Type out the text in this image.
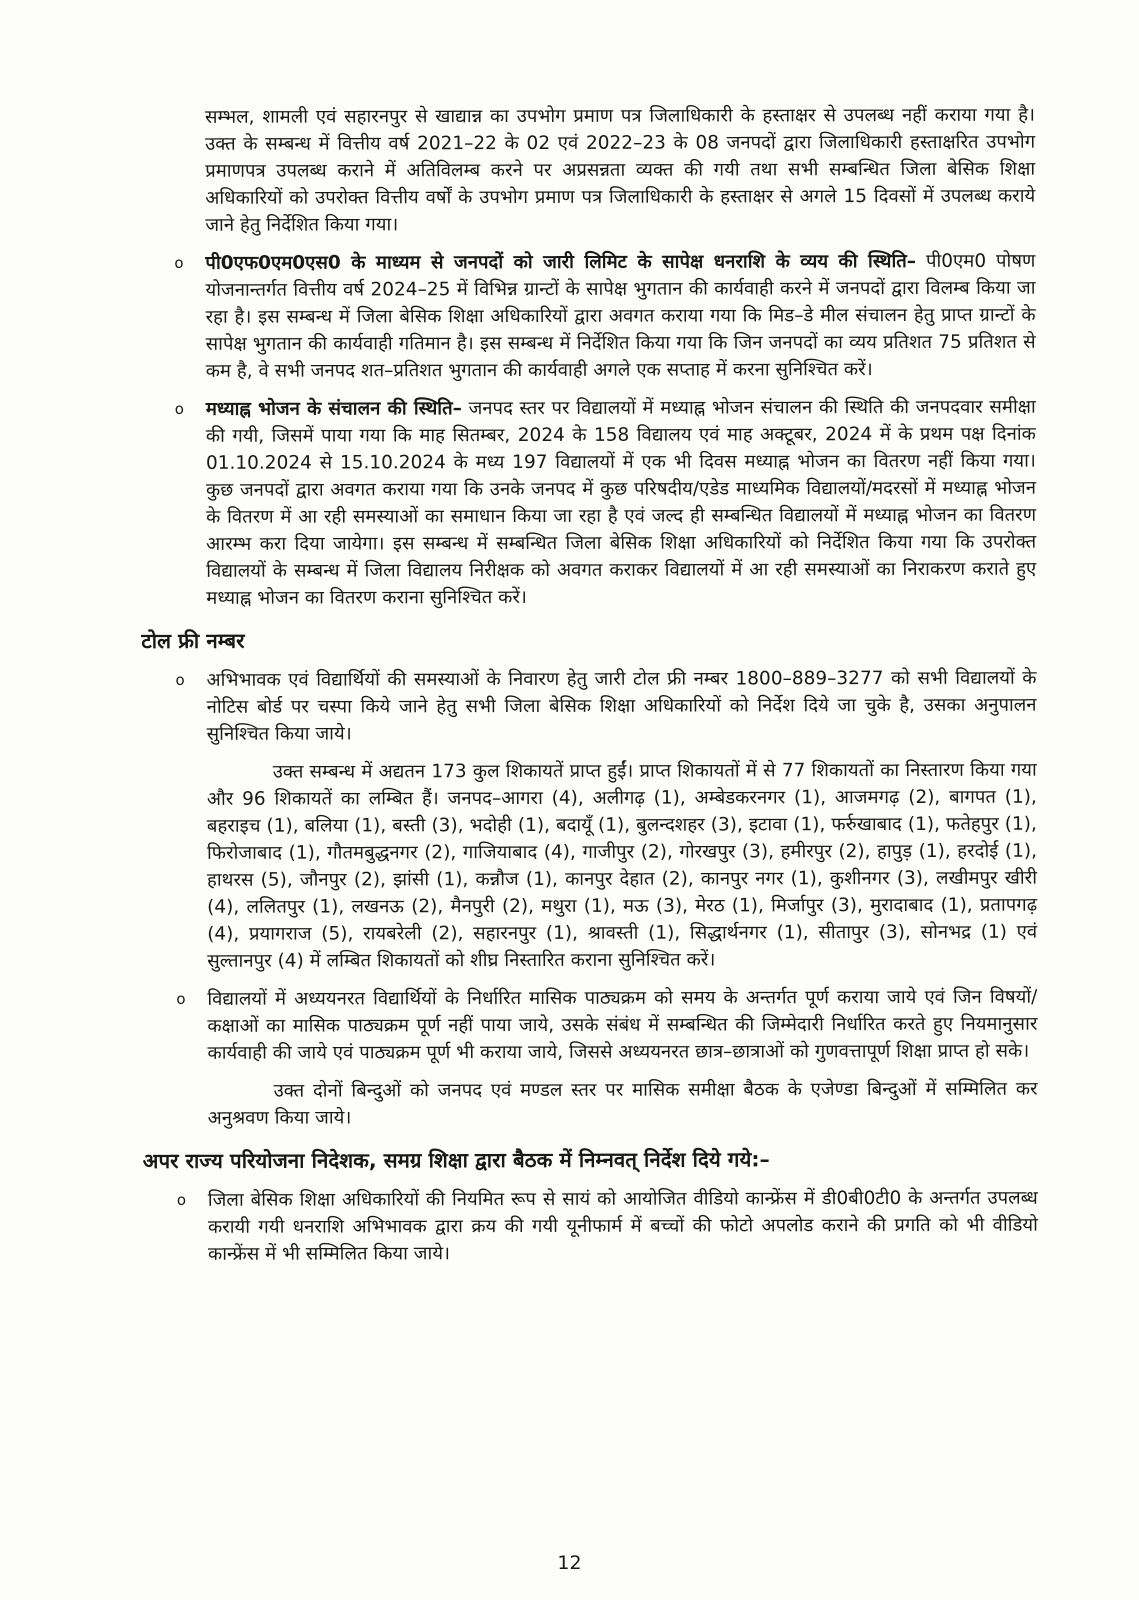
सम्भल, शामली एवं सहारनपुर से खाद्यान्न का उपभोग प्रमाण पत्र जिलाधिकारी के हस्ताक्षर से उपलब्ध नहीं कराया गया है। उक्त के सम्बन्ध में वित्तीय वर्ष 2021–22 के 02 एवं 2022–23 के 08 जनपदों द्वारा जिलाधिकारी हस्ताक्षरित उपभोग प्रमाणपत्र उपलब्ध कराने में अतिविलम्ब करने पर अप्रसन्नता व्यक्त की गयी तथा सभी सम्बन्धित जिला बेसिक शिक्षा अधिकारियों को उपरोक्त वित्तीय वर्षों के उपभोग प्रमाण पत्र जिलाधिकारी के हस्ताक्षर से अगले 15 दिवसों में उपलब्ध कराये जाने हेतु निर्देशित किया गया।

o पी0एफ0एम0एस0 के माध्यम से जनपदों को जारी लिमिट के सापेक्ष धनराशि के व्यय की स्थिति– पी0एम0 पोषण योजनान्तर्गत वित्तीय वर्ष 2024–25 में विभिन्न ग्रान्टों के सापेक्ष भुगतान की कार्यवाही करने में जनपदों द्वारा विलम्ब किया जा रहा है। इस सम्बन्ध में जिला बेसिक शिक्षा अधिकारियों द्वारा अवगत कराया गया कि मिड–डे मील संचालन हेतु प्राप्त ग्रान्टों के सापेक्ष भुगतान की कार्यवाही गतिमान है। इस सम्बन्ध में निर्देशित किया गया कि जिन जनपदों का व्यय प्रतिशत 75 प्रतिशत से कम है, वे सभी जनपद शत–प्रतिशत भुगतान की कार्यवाही अगले एक सप्ताह में करना सुनिश्चित करें।
o मध्याह्न भोजन के संचालन की स्थिति– जनपद स्तर पर विद्यालयों में मध्याह्न भोजन संचालन की स्थिति की जनपदवार समीक्षा की गयी, जिसमें पाया गया कि माह सितम्बर, 2024 के 158 विद्यालय एवं माह अक्टूबर, 2024 में के प्रथम पक्ष दिनांक 01.10.2024 से 15.10.2024 के मध्य 197 विद्यालयों में एक भी दिवस मध्याह्न भोजन का वितरण नहीं किया गया। कुछ जनपदों द्वारा अवगत कराया गया कि उनके जनपद में कुछ परिषदीय/एडेड माध्यमिक विद्यालयों/मदरसों में मध्याह्न भोजन के वितरण में आ रही समस्याओं का समाधान किया जा रहा है एवं जल्द ही सम्बन्धित विद्यालयों में मध्याह्न भोजन का वितरण आरम्भ करा दिया जायेगा। इस सम्बन्ध में सम्बन्धित जिला बेसिक शिक्षा अधिकारियों को निर्देशित किया गया कि उपरोक्त विद्यालयों के सम्बन्ध में जिला विद्यालय निरीक्षक को अवगत कराकर विद्यालयों में आ रही समस्याओं का निराकरण कराते हुए मध्याह्न भोजन का वितरण कराना सुनिश्चित करें।
टोल फ्री नम्बर
o अभिभावक एवं विद्यार्थियों की समस्याओं के निवारण हेतु जारी टोल फ्री नम्बर 1800–889–3277 को सभी विद्यालयों के नोटिस बोर्ड पर चस्पा किये जाने हेतु सभी जिला बेसिक शिक्षा अधिकारियों को निर्देश दिये जा चुके है, उसका अनुपालन सुनिश्चित किया जाये।

उक्त सम्बन्ध में अद्यतन 173 कुल शिकायतें प्राप्त हुईं। प्राप्त शिकायतों में से 77 शिकायतों का निस्तारण किया गया और 96 शिकायतें का लम्बित हैं। जनपद–आगरा (4), अलीगढ़ (1), अम्बेडकरनगर (1), आजमगढ़ (2), बागपत (1), बहराइच (1), बलिया (1), बस्ती (3), भदोही (1), बदायूँ (1), बुलन्दशहर (3), इटावा (1), फर्रुखाबाद (1), फतेहपुर (1), फिरोजाबाद (1), गौतमबुद्धनगर (2), गाजियाबाद (4), गाजीपुर (2), गोरखपुर (3), हमीरपुर (2), हापुड़ (1), हरदोई (1), हाथरस (5), जौनपुर (2), झांसी (1), कन्नौज (1), कानपुर देहात (2), कानपुर नगर (1), कुशीनगर (3), लखीमपुर खीरी (4), ललितपुर (1), लखनऊ (2), मैनपुरी (2), मथुरा (1), मऊ (3), मेरठ (1), मिर्जापुर (3), मुरादाबाद (1), प्रतापगढ़ (4), प्रयागराज (5), रायबरेली (2), सहारनपुर (1), श्रावस्ती (1), सिद्धार्थनगर (1), सीतापुर (3), सोनभद्र (1) एवं सुल्तानपुर (4) में लम्बित शिकायतों को शीघ्र निस्तारित कराना सुनिश्चित करें।

o विद्यालयों में अध्ययनरत विद्यार्थियों के निर्धारित मासिक पाठ्यक्रम को समय के अन्तर्गत पूर्ण कराया जाये एवं जिन विषयों/कक्षाओं का मासिक पाठ्यक्रम पूर्ण नहीं पाया जाये, उसके संबंध में सम्बन्धित की जिम्मेदारी निर्धारित करते हुए नियमानुसार कार्यवाही की जाये एवं पाठ्यक्रम पूर्ण भी कराया जाये, जिससे अध्ययनरत छात्र–छात्राओं को गुणवत्तापूर्ण शिक्षा प्राप्त हो सके।

उक्त दोनों बिन्दुओं को जनपद एवं मण्डल स्तर पर मासिक समीक्षा बैठक के एजेण्डा बिन्दुओं में सम्मिलित कर अनुश्रवण किया जाये।

अपर राज्य परियोजना निदेशक, समग्र शिक्षा द्वारा बैठक में निम्नवत् निर्देश दिये गये:–
o जिला बेसिक शिक्षा अधिकारियों की नियमित रूप से सायं को आयोजित वीडियो कान्फ्रेंस में डी0बी0टी0 के अन्तर्गत उपलब्ध करायी गयी धनराशि अभिभावक द्वारा क्रय की गयी यूनीफार्म में बच्चों की फोटो अपलोड कराने की प्रगति को भी वीडियो कान्फ्रेंस में भी सम्मिलित किया जाये।
12
